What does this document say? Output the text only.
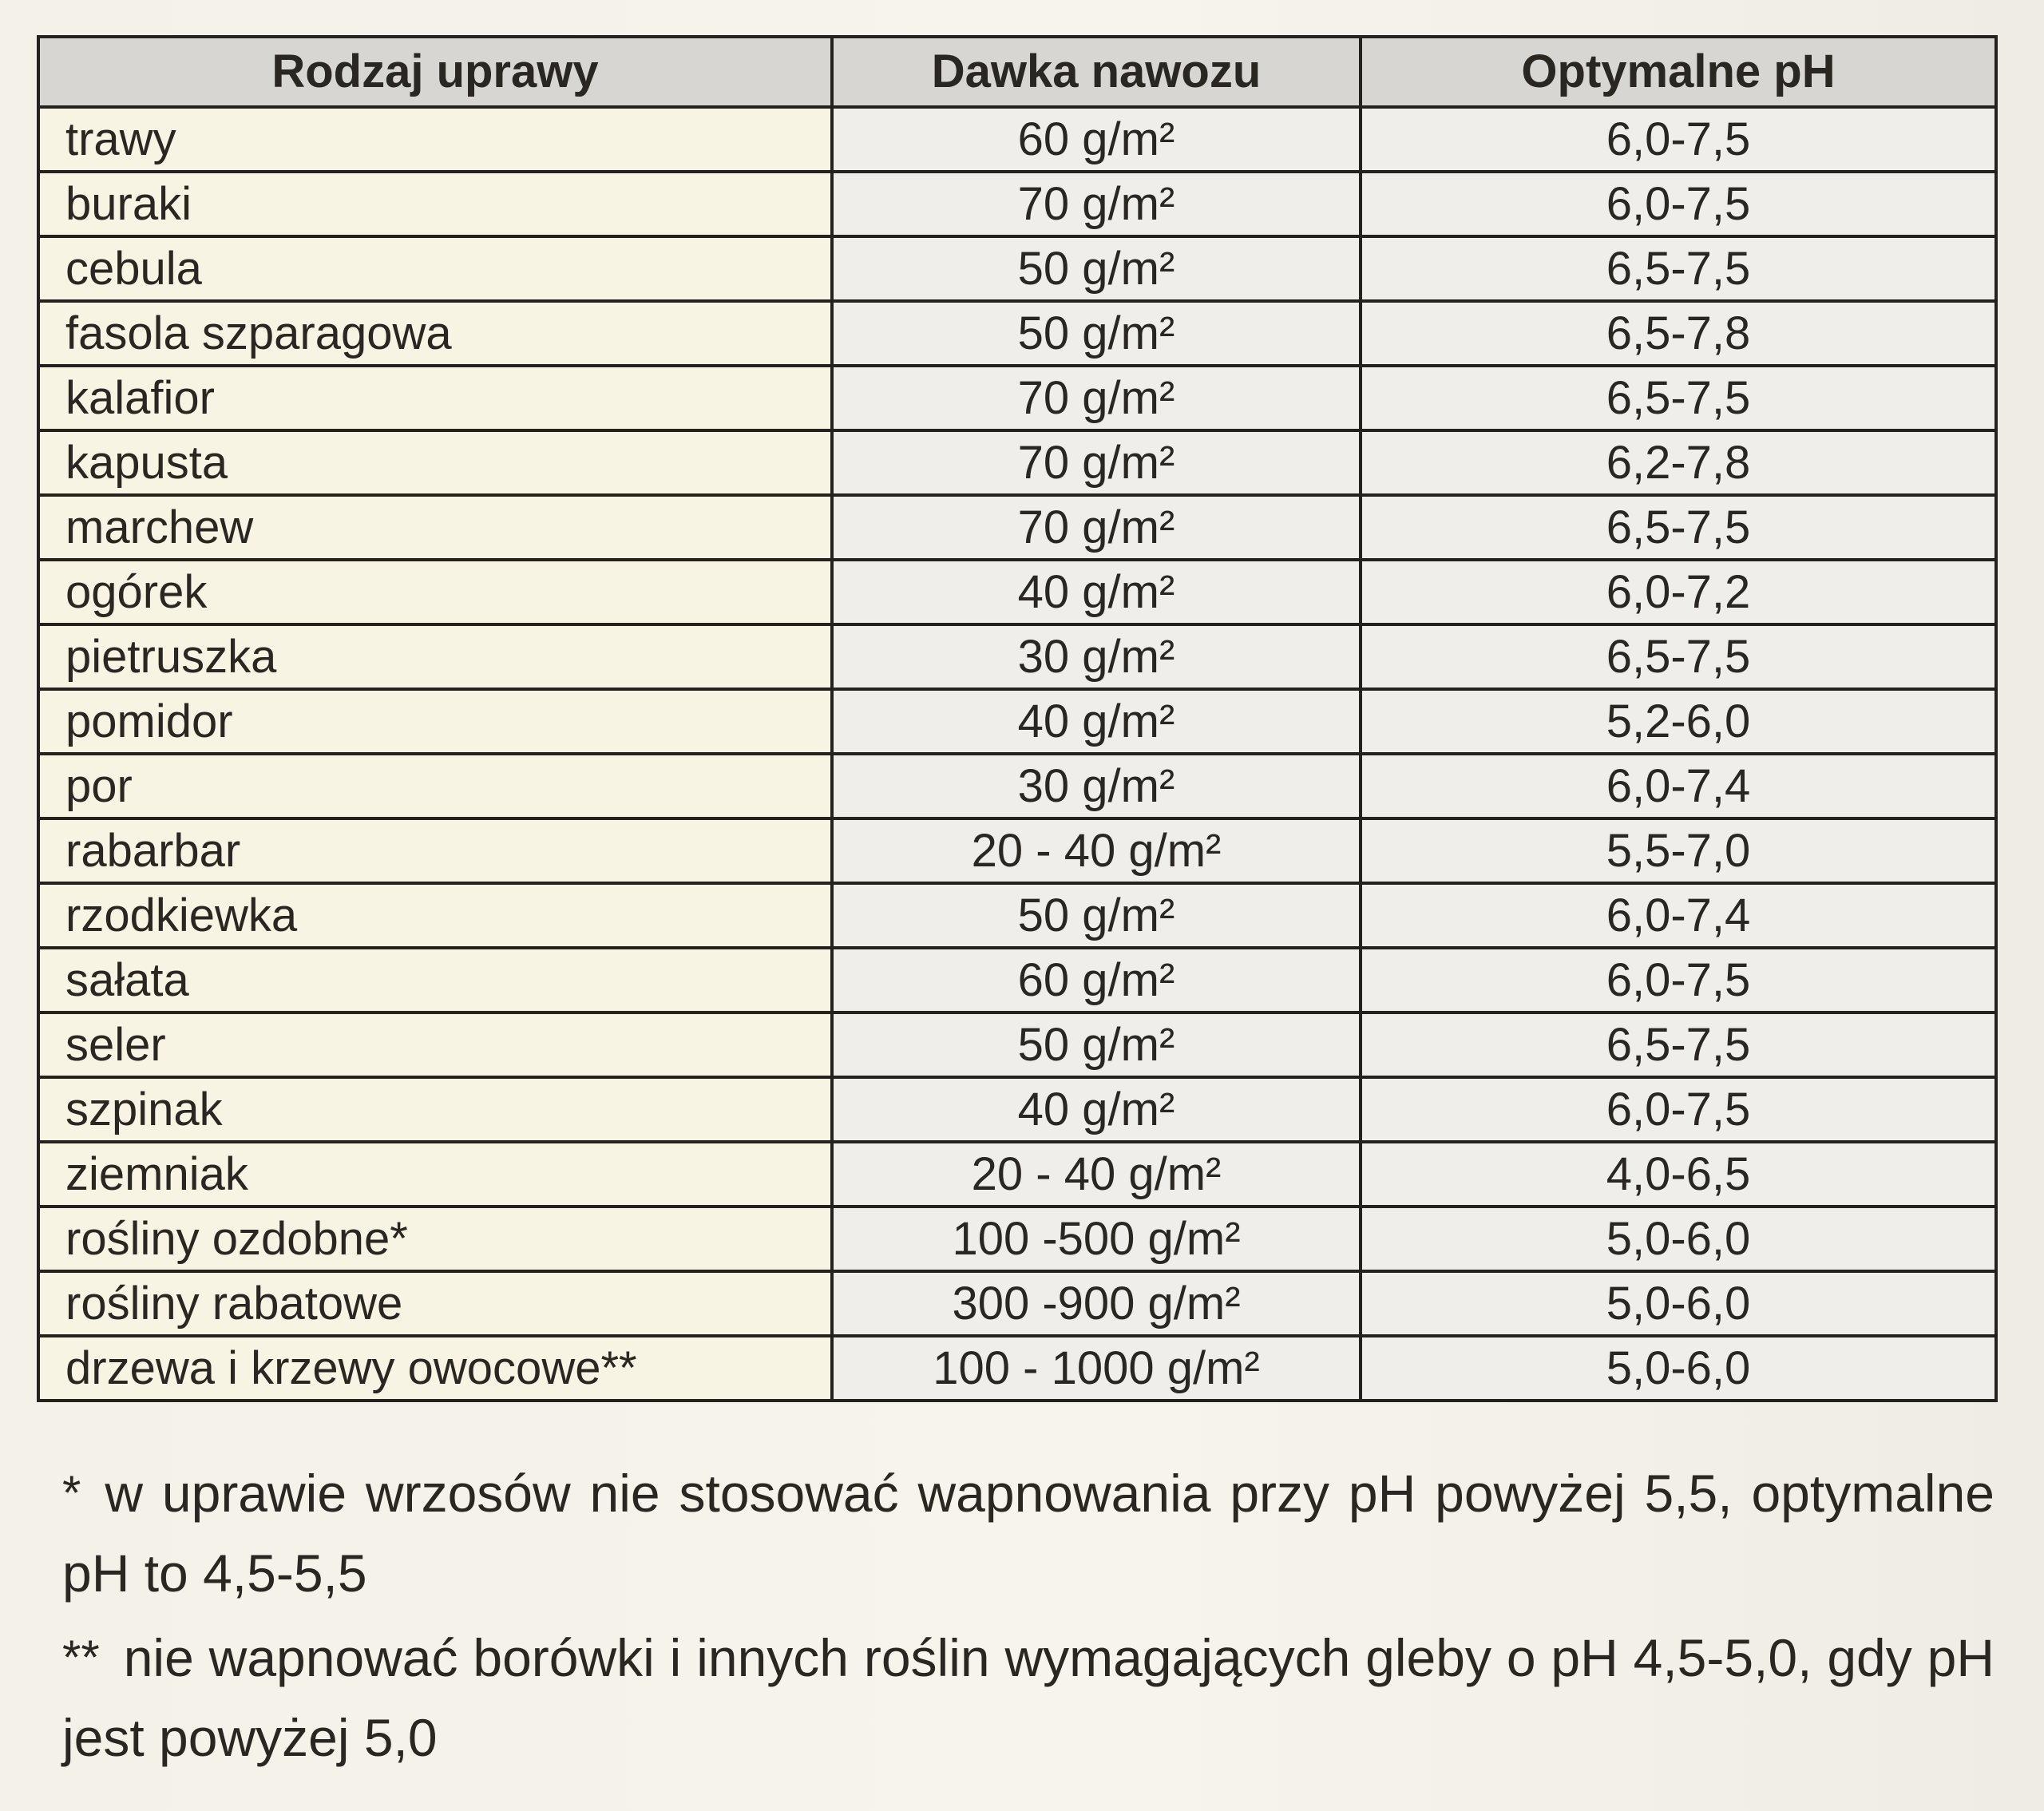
Rodzaj uprawy	Dawka nawozu	Optymalne pH
trawy	60 g/m²	6,0-7,5
buraki	70 g/m²	6,0-7,5
cebula	50 g/m²	6,5-7,5
fasola szparagowa	50 g/m²	6,5-7,8
kalafior	70 g/m²	6,5-7,5
kapusta	70 g/m²	6,2-7,8
marchew	70 g/m²	6,5-7,5
ogórek	40 g/m²	6,0-7,2
pietruszka	30 g/m²	6,5-7,5
pomidor	40 g/m²	5,2-6,0
por	30 g/m²	6,0-7,4
rabarbar	20 - 40 g/m²	5,5-7,0
rzodkiewka	50 g/m²	6,0-7,4
sałata	60 g/m²	6,0-7,5
seler	50 g/m²	6,5-7,5
szpinak	40 g/m²	6,0-7,5
ziemniak	20 - 40 g/m²	4,0-6,5
rośliny ozdobne*	100 -500 g/m²	5,0-6,0
rośliny rabatowe	300 -900 g/m²	5,0-6,0
drzewa i krzewy owocowe**	100 - 1000 g/m²	5,0-6,0

* w uprawie wrzosów nie stosować wapnowania przy pH powyżej 5,5, optymalne pH to 4,5-5,5

** nie wapnować borówki i innych roślin wymagających gleby o pH 4,5-5,0, gdy pH jest powyżej 5,0
